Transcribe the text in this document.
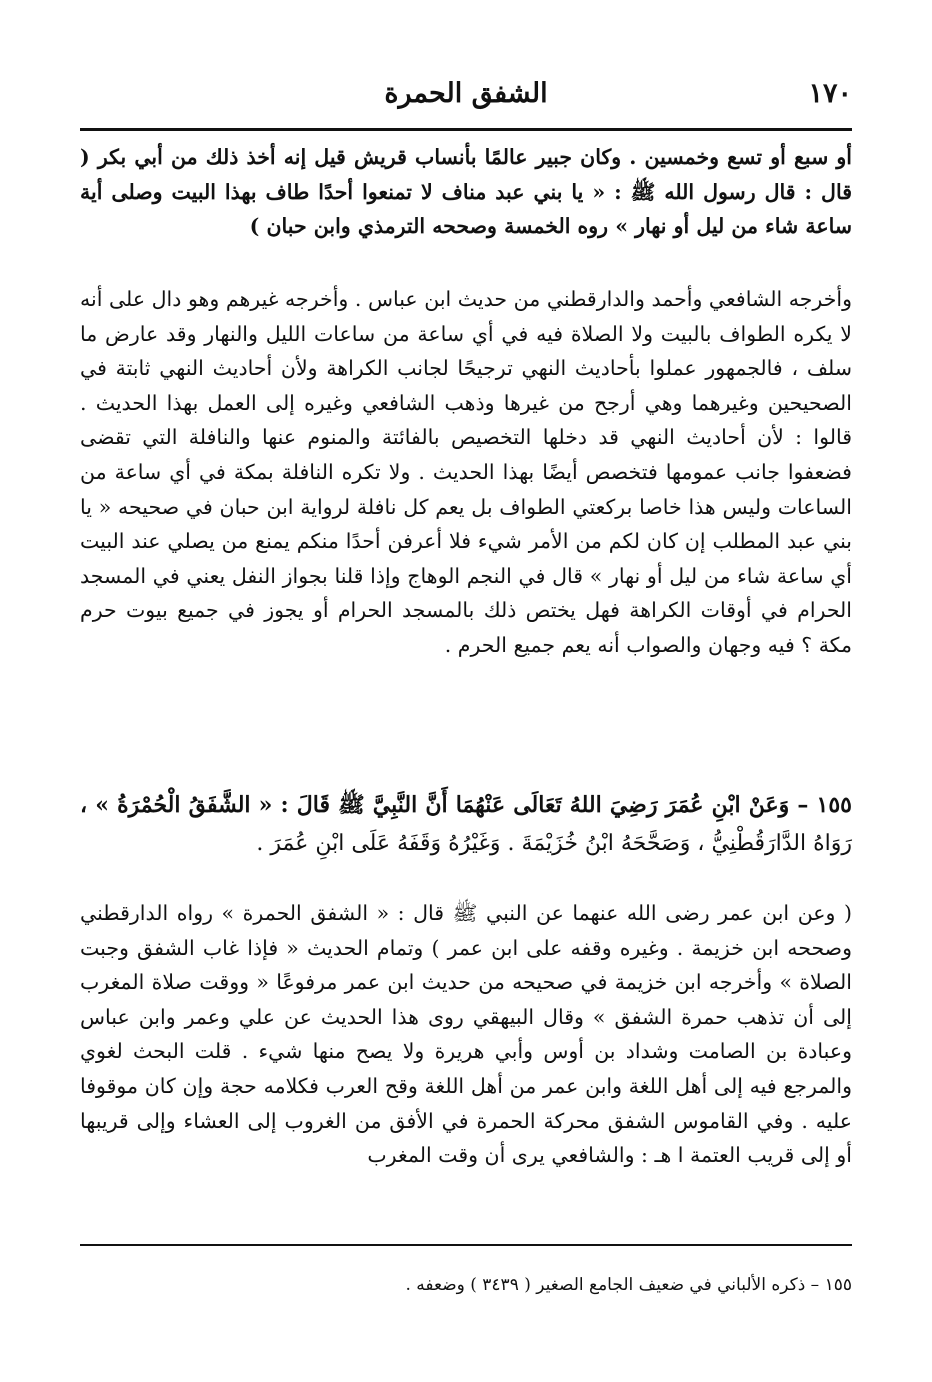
١٧٠
الشفق الحمرة

أو سبع أو تسع وخمسين . وكان جبير عالمًا بأنساب قريش قيل إنه أخذ ذلك من أبي بكر ( قال : قال رسول الله ﷺ : « يا بني عبد مناف لا تمنعوا أحدًا طاف بهذا البيت وصلى أية ساعة شاء من ليل أو نهار » روه الخمسة وصححه الترمذي وابن حبان )

وأخرجه الشافعي وأحمد والدارقطني من حديث ابن عباس . وأخرجه غيرهم وهو دال على أنه لا يكره الطواف بالبيت ولا الصلاة فيه في أي ساعة من ساعات الليل والنهار وقد عارض ما سلف ، فالجمهور عملوا بأحاديث النهي ترجيحًا لجانب الكراهة ولأن أحاديث النهي ثابتة في الصحيحين وغيرهما وهي أرجح من غيرها وذهب الشافعي وغيره إلى العمل بهذا الحديث . قالوا : لأن أحاديث النهي قد دخلها التخصيص بالفائتة والمنوم عنها والنافلة التي تقضى فضعفوا جانب عمومها فتخصص أيضًا بهذا الحديث . ولا تكره النافلة بمكة في أي ساعة من الساعات وليس هذا خاصا بركعتي الطواف بل يعم كل نافلة لرواية ابن حبان في صحيحه « يا بني عبد المطلب إن كان لكم من الأمر شيء فلا أعرفن أحدًا منكم يمنع من يصلي عند البيت أي ساعة شاء من ليل أو نهار » قال في النجم الوهاج وإذا قلنا بجواز النفل يعني في المسجد الحرام في أوقات الكراهة فهل يختص ذلك بالمسجد الحرام أو يجوز في جميع بيوت حرم مكة ؟ فيه وجهان والصواب أنه يعم جميع الحرم .

١٥٥ – وَعَنْ ابْنِ عُمَرَ رَضِيَ اللهُ تَعَالَى عَنْهُمَا أَنَّ النَّبِيَّ ﷺ قَالَ : « الشَّفَقُ الْحُمْرَةُ » ، رَوَاهُ الدَّارَقُطْنِيُّ ، وَصَحَّحَهُ ابْنُ خُزَيْمَةَ . وَغَيْرُهُ وَقَفَهُ عَلَى ابْنِ عُمَرَ .

( وعن ابن عمر رضى الله عنهما عن النبي ﷺ قال : « الشفق الحمرة » رواه الدارقطني وصححه ابن خزيمة . وغيره وقفه على ابن عمر ) وتمام الحديث « فإذا غاب الشفق وجبت الصلاة » وأخرجه ابن خزيمة في صحيحه من حديث ابن عمر مرفوعًا « ووقت صلاة المغرب إلى أن تذهب حمرة الشفق » وقال البيهقي روى هذا الحديث عن علي وعمر وابن عباس وعبادة بن الصامت وشداد بن أوس وأبي هريرة ولا يصح منها شيء . قلت البحث لغوي والمرجع فيه إلى أهل اللغة وابن عمر من أهل اللغة وقح العرب فكلامه حجة وإن كان موقوفا عليه . وفي القاموس الشفق محركة الحمرة في الأفق من الغروب إلى العشاء وإلى قريبها أو إلى قريب العتمة ا هـ : والشافعي يرى أن وقت المغرب

١٥٥ – ذكره الألباني في ضعيف الجامع الصغير ( ٣٤٣٩ ) وضعفه .
